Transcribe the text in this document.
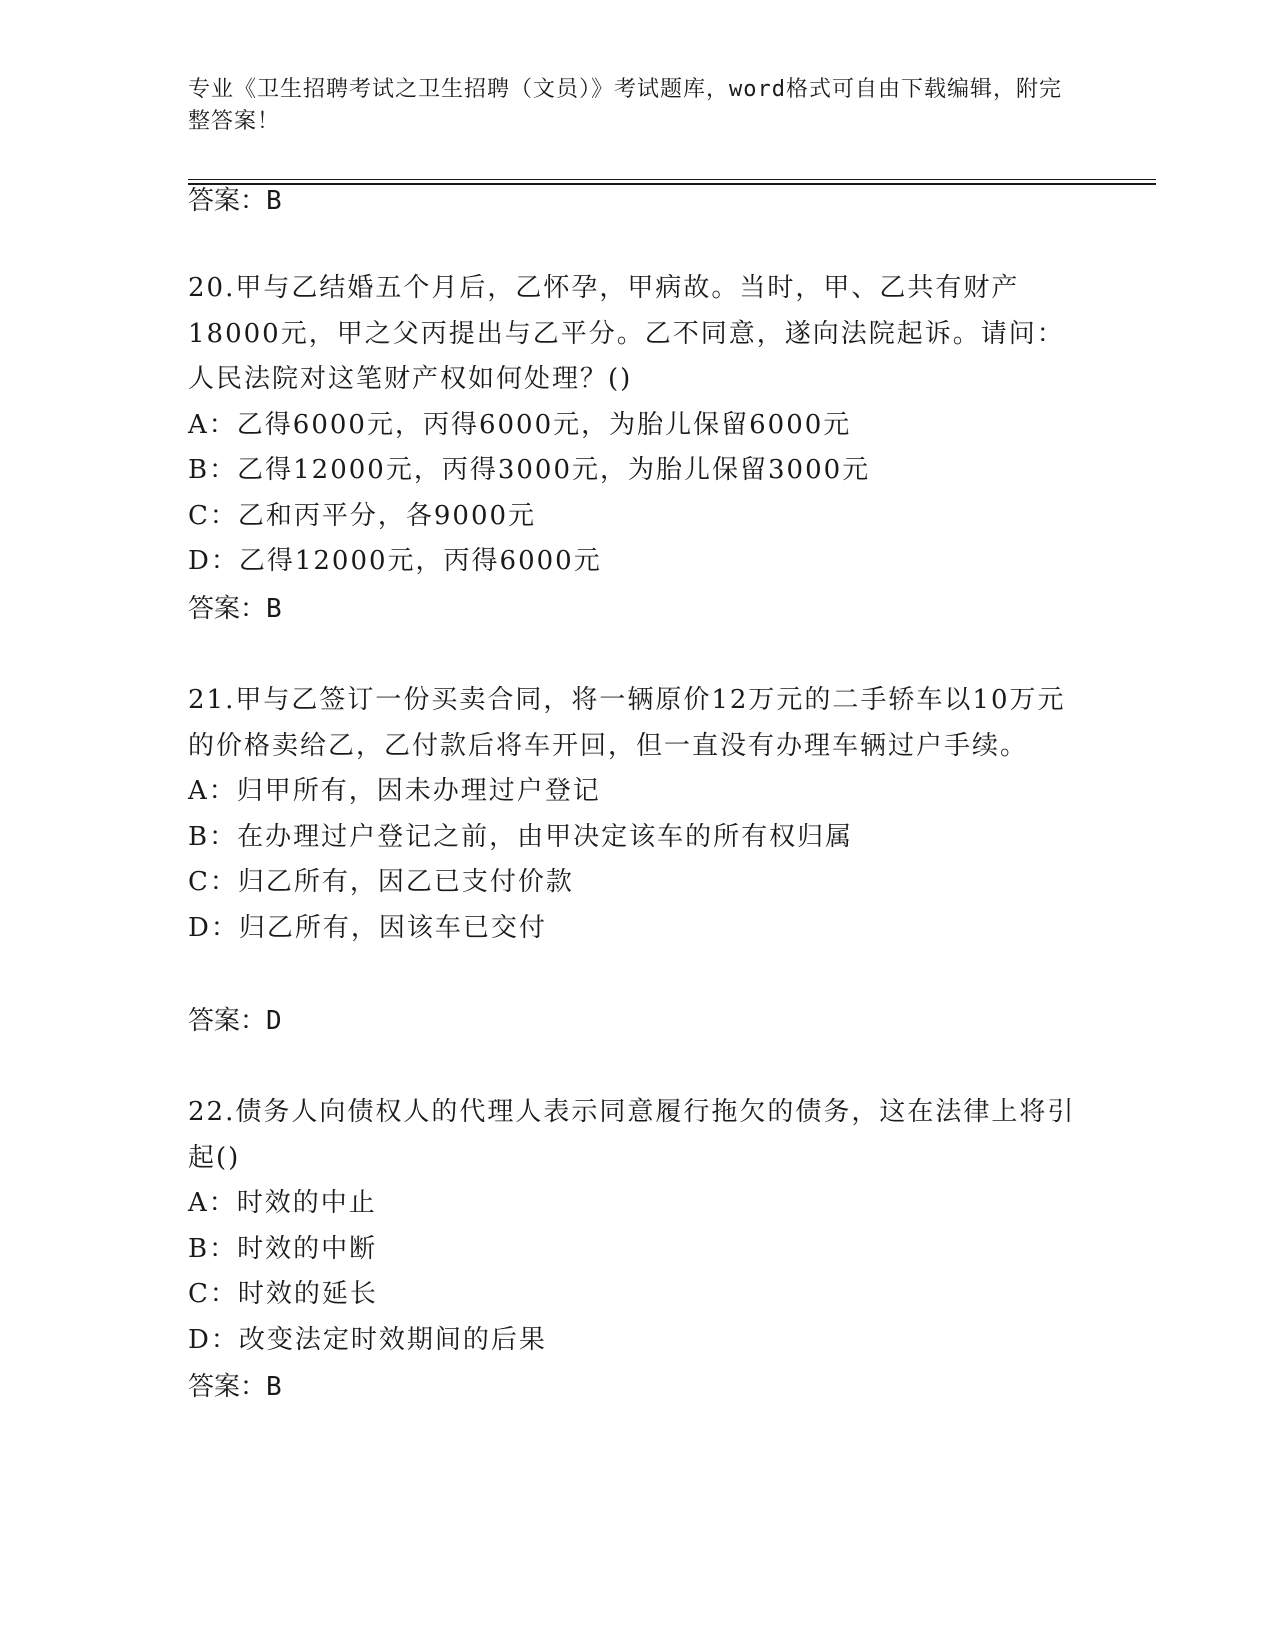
专业《卫生招聘考试之卫生招聘（文员）》考试题库，word格式可自由下载编辑，附完整答案！
答案：B
20.甲与乙结婚五个月后，乙怀孕，甲病故。当时，甲、乙共有财产18000元，甲之父丙提出与乙平分。乙不同意，遂向法院起诉。请问：人民法院对这笔财产权如何处理？()
A：乙得6000元，丙得6000元，为胎儿保留6000元
B：乙得12000元，丙得3000元，为胎儿保留3000元
C：乙和丙平分，各9000元
D：乙得12000元，丙得6000元
答案：B
21.甲与乙签订一份买卖合同，将一辆原价12万元的二手轿车以10万元的价格卖给乙，乙付款后将车开回，但一直没有办理车辆过户手续。
A：归甲所有，因未办理过户登记
B：在办理过户登记之前，由甲决定该车的所有权归属
C：归乙所有，因乙已支付价款
D：归乙所有，因该车已交付
答案：D
22.债务人向债权人的代理人表示同意履行拖欠的债务，这在法律上将引起()
A：时效的中止
B：时效的中断
C：时效的延长
D：改变法定时效期间的后果
答案：B
